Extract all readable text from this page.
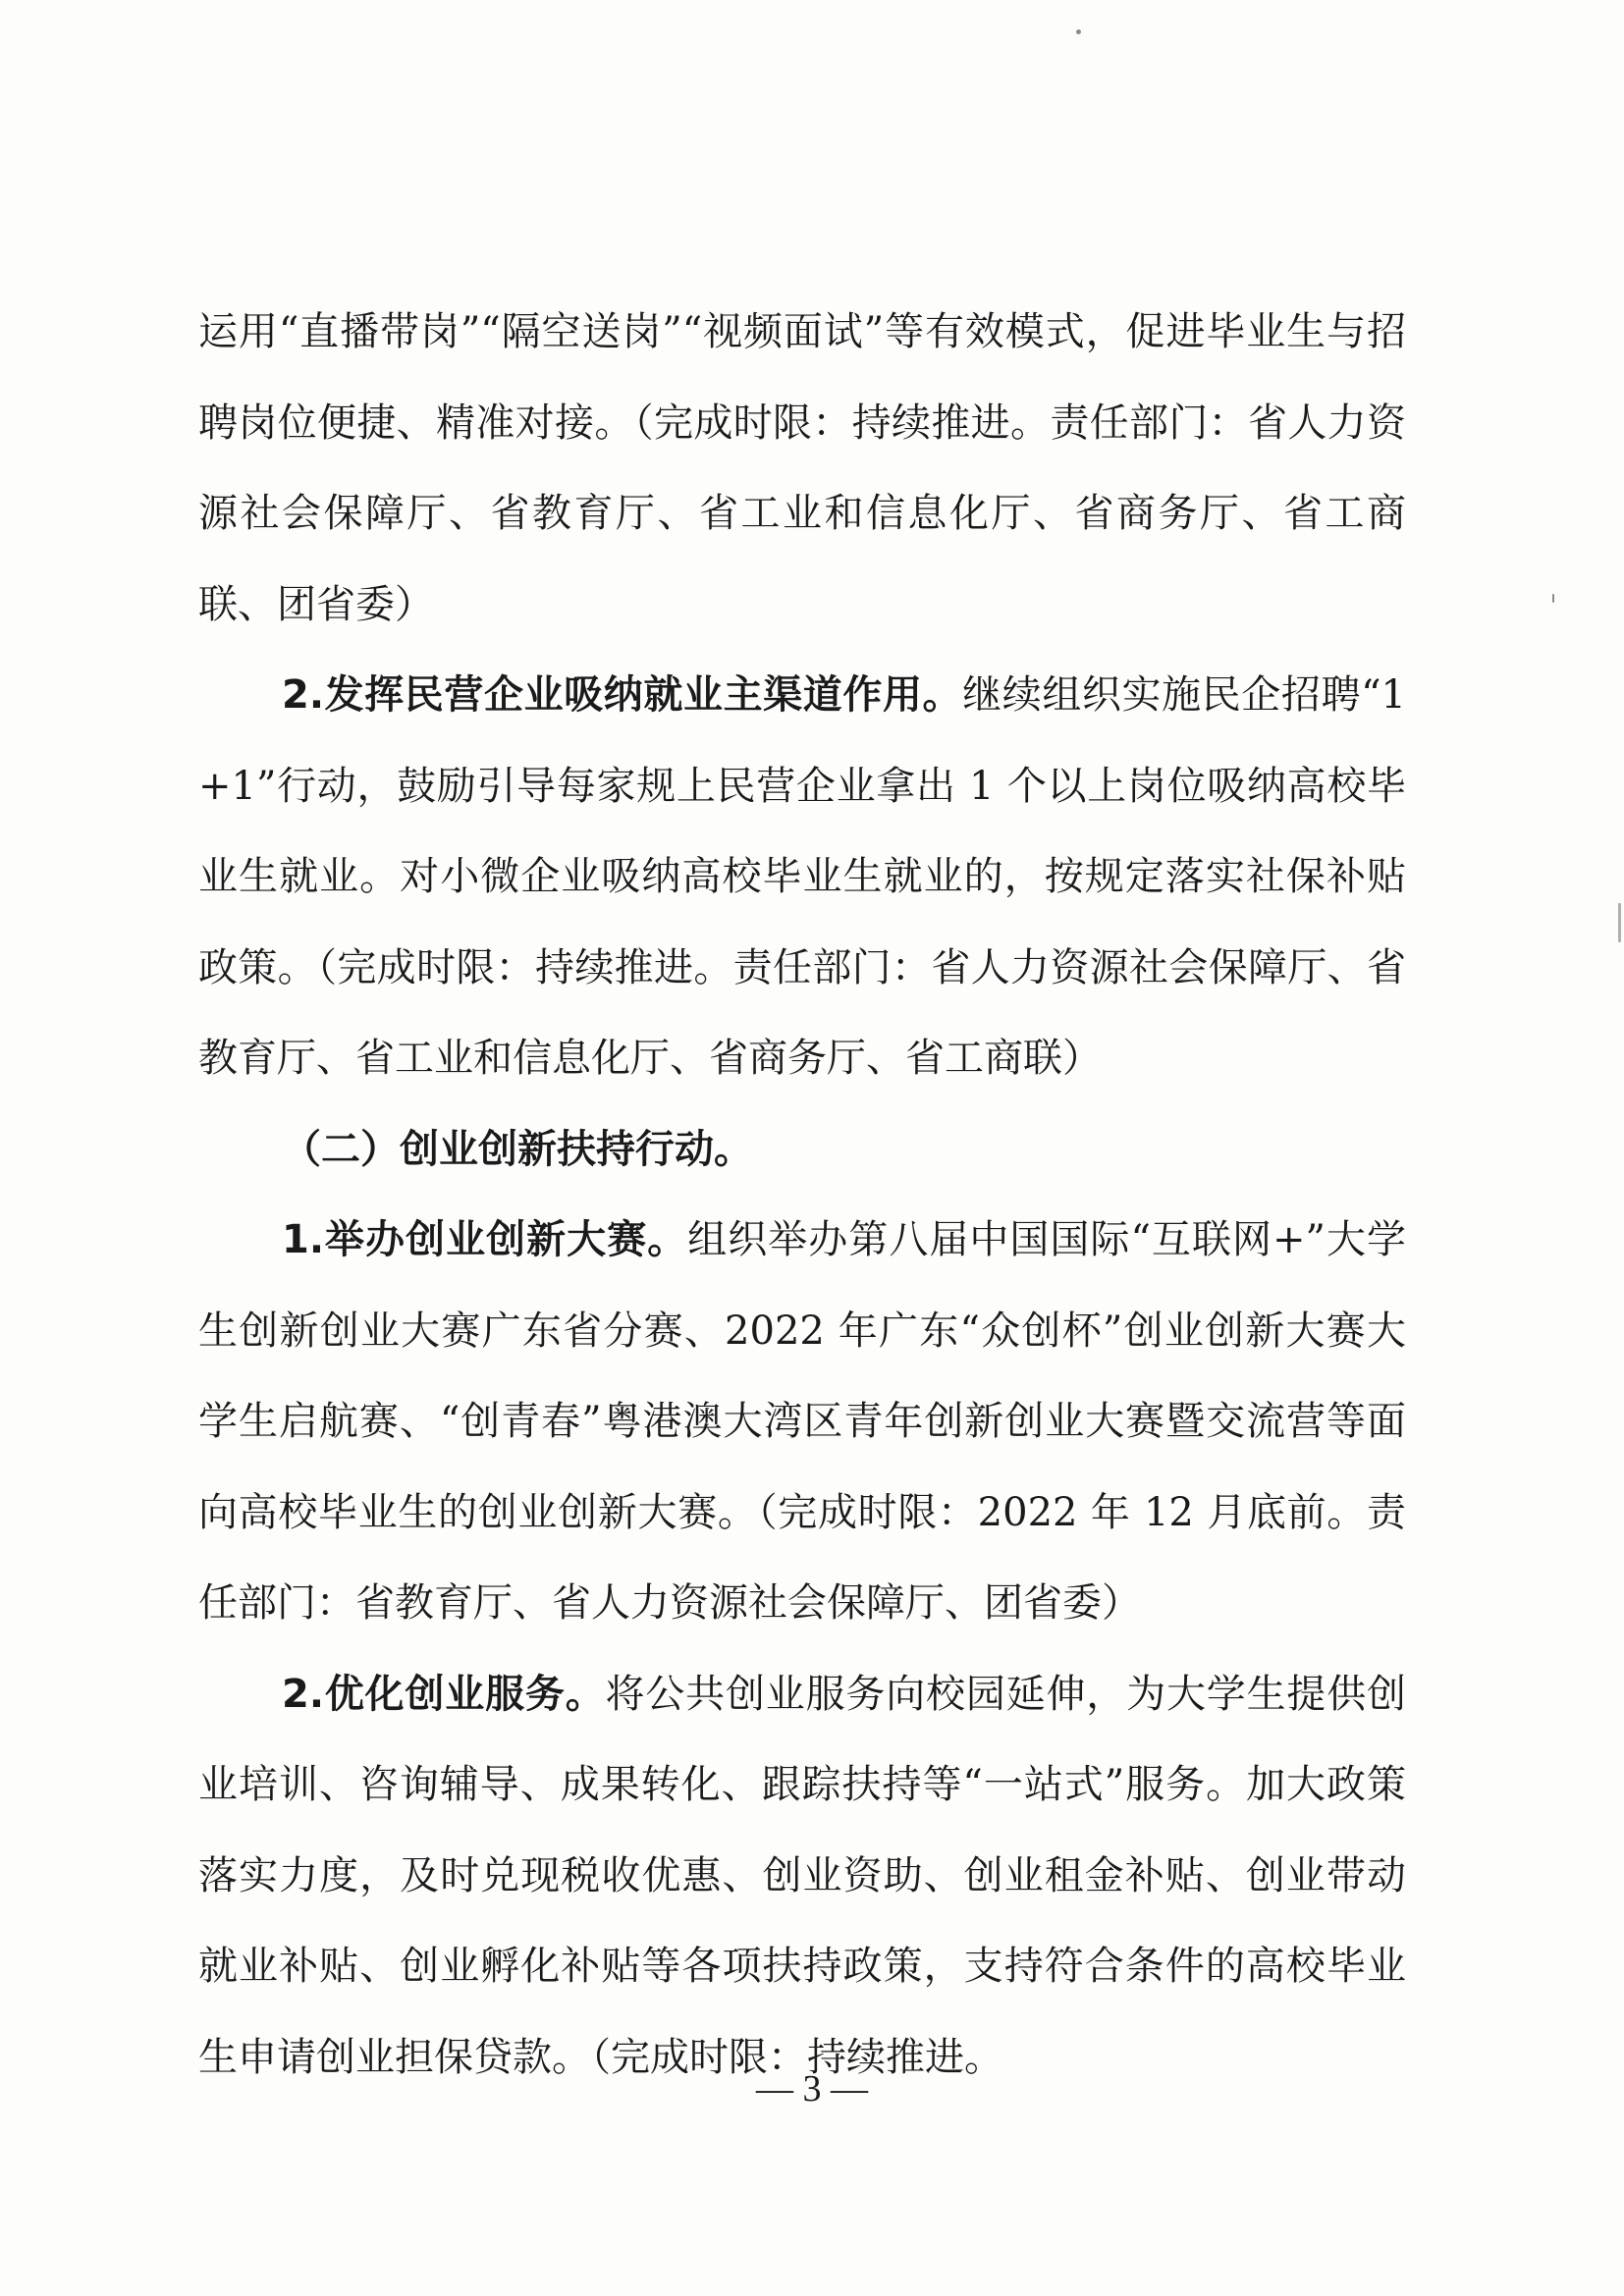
运用“直播带岗”“隔空送岗”“视频面试”等有效模式，促进毕业生与招聘岗位便捷、精准对接。（完成时限：持续推进。责任部门：省人力资源社会保障厅、省教育厅、省工业和信息化厅、省商务厅、省工商联、团省委）

2.发挥民营企业吸纳就业主渠道作用。继续组织实施民企招聘“1+1”行动，鼓励引导每家规上民营企业拿出 1 个以上岗位吸纳高校毕业生就业。对小微企业吸纳高校毕业生就业的，按规定落实社保补贴政策。（完成时限：持续推进。责任部门：省人力资源社会保障厅、省教育厅、省工业和信息化厅、省商务厅、省工商联）

（二）创业创新扶持行动。

1.举办创业创新大赛。组织举办第八届中国国际“互联网+”大学生创新创业大赛广东省分赛、2022 年广东“众创杯”创业创新大赛大学生启航赛、“创青春”粤港澳大湾区青年创新创业大赛暨交流营等面向高校毕业生的创业创新大赛。（完成时限：2022 年 12 月底前。责任部门：省教育厅、省人力资源社会保障厅、团省委）

2.优化创业服务。将公共创业服务向校园延伸，为大学生提供创业培训、咨询辅导、成果转化、跟踪扶持等“一站式”服务。加大政策落实力度，及时兑现税收优惠、创业资助、创业租金补贴、创业带动就业补贴、创业孵化补贴等各项扶持政策，支持符合条件的高校毕业生申请创业担保贷款。（完成时限：持续推进。

— 3 —
